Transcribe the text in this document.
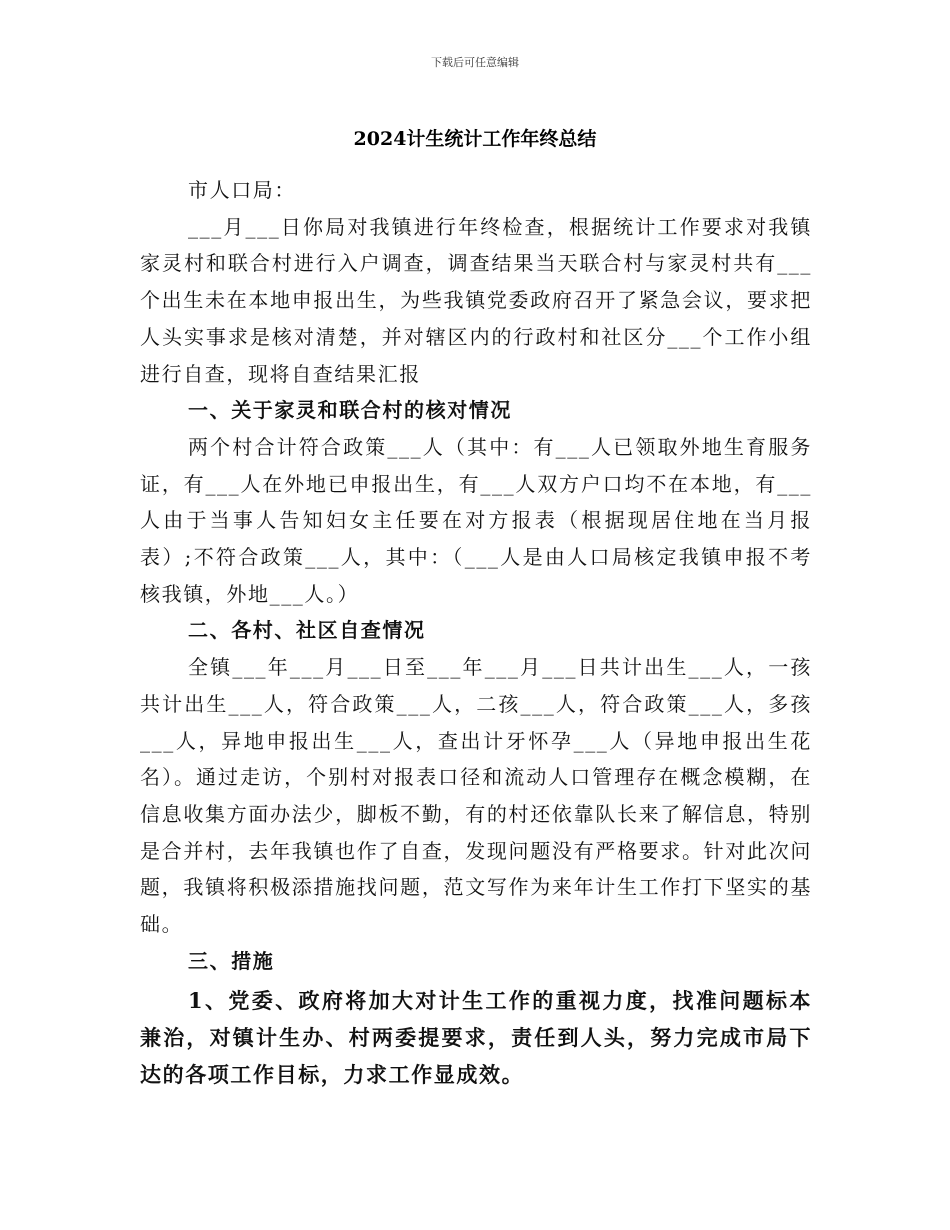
下载后可任意编辑
2024计生统计工作年终总结

市人口局：

___月___日你局对我镇进行年终检查，根据统计工作要求对我镇家灵村和联合村进行入户调查，调查结果当天联合村与家灵村共有___个出生未在本地申报出生，为些我镇党委政府召开了紧急会议，要求把人头实事求是核对清楚，并对辖区内的行政村和社区分___个工作小组进行自查，现将自查结果汇报

一、关于家灵和联合村的核对情况

两个村合计符合政策___人（其中：有___人已领取外地生育服务证，有___人在外地已申报出生，有___人双方户口均不在本地，有___人由于当事人告知妇女主任要在对方报表（根据现居住地在当月报表）;不符合政策___人，其中：（___人是由人口局核定我镇申报不考核我镇，外地___人。）

二、各村、社区自查情况

全镇___年___月___日至___年___月___日共计出生___人，一孩共计出生___人，符合政策___人，二孩___人，符合政策___人，多孩___人，异地申报出生___人，查出计牙怀孕___人（异地申报出生花名）。通过走访，个别村对报表口径和流动人口管理存在概念模糊，在信息收集方面办法少，脚板不勤，有的村还依靠队长来了解信息，特别是合并村，去年我镇也作了自查，发现问题没有严格要求。针对此次问题，我镇将积极添措施找问题，范文写作为来年计生工作打下坚实的基础。

三、措施

1、党委、政府将加大对计生工作的重视力度，找准问题标本兼治，对镇计生办、村两委提要求，责任到人头，努力完成市局下达的各项工作目标，力求工作显成效。
